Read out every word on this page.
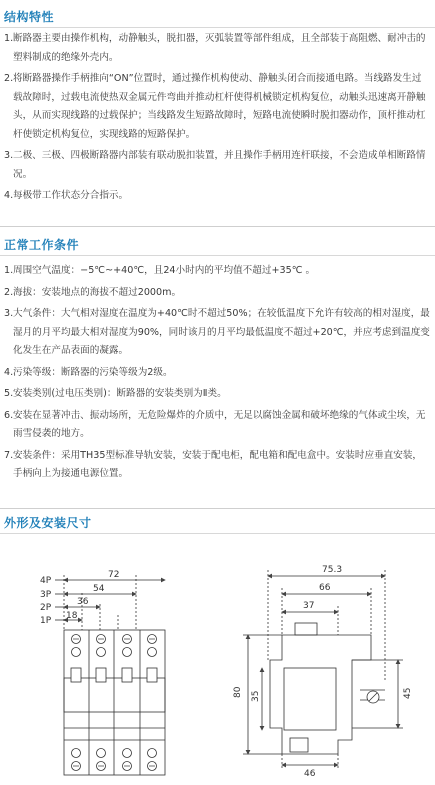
结构特性
1. 断路器主要由操作机构，动静触头，脱扣器，灭弧装置等部件组成，且全部装于高阻燃、耐冲击的塑料制成的绝缘外壳内。
2. 将断路器操作手柄推向“ON”位置时，通过操作机构使动、静触头闭合而接通电路。当线路发生过载故障时，过载电流使热双金属元件弯曲并推动杠杆使得机械锁定机构复位，动触头迅速离开静触头，从而实现线路的过载保护；当线路发生短路故障时，短路电流使瞬时脱扣器动作，顶杆推动杠杆使锁定机构复位，实现线路的短路保护。
3. 二极、三极、四极断路器内部装有联动脱扣装置，并且操作手柄用连杆联接，不会造成单相断路情况。
4. 每极带工作状态分合指示。
正常工作条件
1. 周围空气温度：−5℃~+40℃，且24小时内的平均值不超过+35℃ 。
2. 海拔：安装地点的海拔不超过2000m。
3. 大气条件：大气相对湿度在温度为+40℃时不超过50%；在较低温度下允许有较高的相对湿度，最湿月的月平均最大相对湿度为90%，同时该月的月平均最低温度不超过+20℃，并应考虑到温度变化发生在产品表面的凝露。
4. 污染等级：断路器的污染等级为2级。
5. 安装类别(过电压类别)：断路器的安装类别为Ⅱ类。
6. 安装在显著冲击、振动场所，无危险爆炸的介质中，无足以腐蚀金属和破坏绝缘的气体或尘埃，无雨雪侵袭的地方。
7. 安装条件：采用TH35型标准导轨安装，安装于配电柜，配电箱和配电盒中。安装时应垂直安装，手柄向上为接通电源位置。
外形及安装尺寸
4P
3P
2P
1P
72
54
36
18
75.3
66
37
80 35	45
46
